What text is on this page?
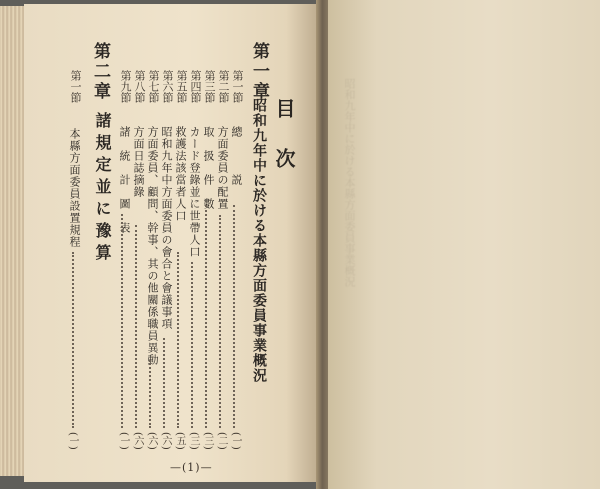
昭和九年中に於ける本縣方面委員事業概況
目次
第一章
昭和九年中に於ける本縣方面委員事業概況
第二章
諸規定並に豫算
第一節
本縣方面委員設置規程
(一)
—(1)—
第一節
總　　　説
(一)
第二節
方面委員の配置
(二)
第三節
取　扱　件　數
(三)
第四節
カード登錄並に世帶人口
(三)
第五節
救護法該當者人口
(五)
第六節
昭和九年中方面委員の會合と會議事項
(六)
第七節
方面委員、顧問、幹事、其の他關係職員異動
(六)
第八節
方面日誌摘錄
(六)
第九節
諸　統　計　圖　表
(一)
